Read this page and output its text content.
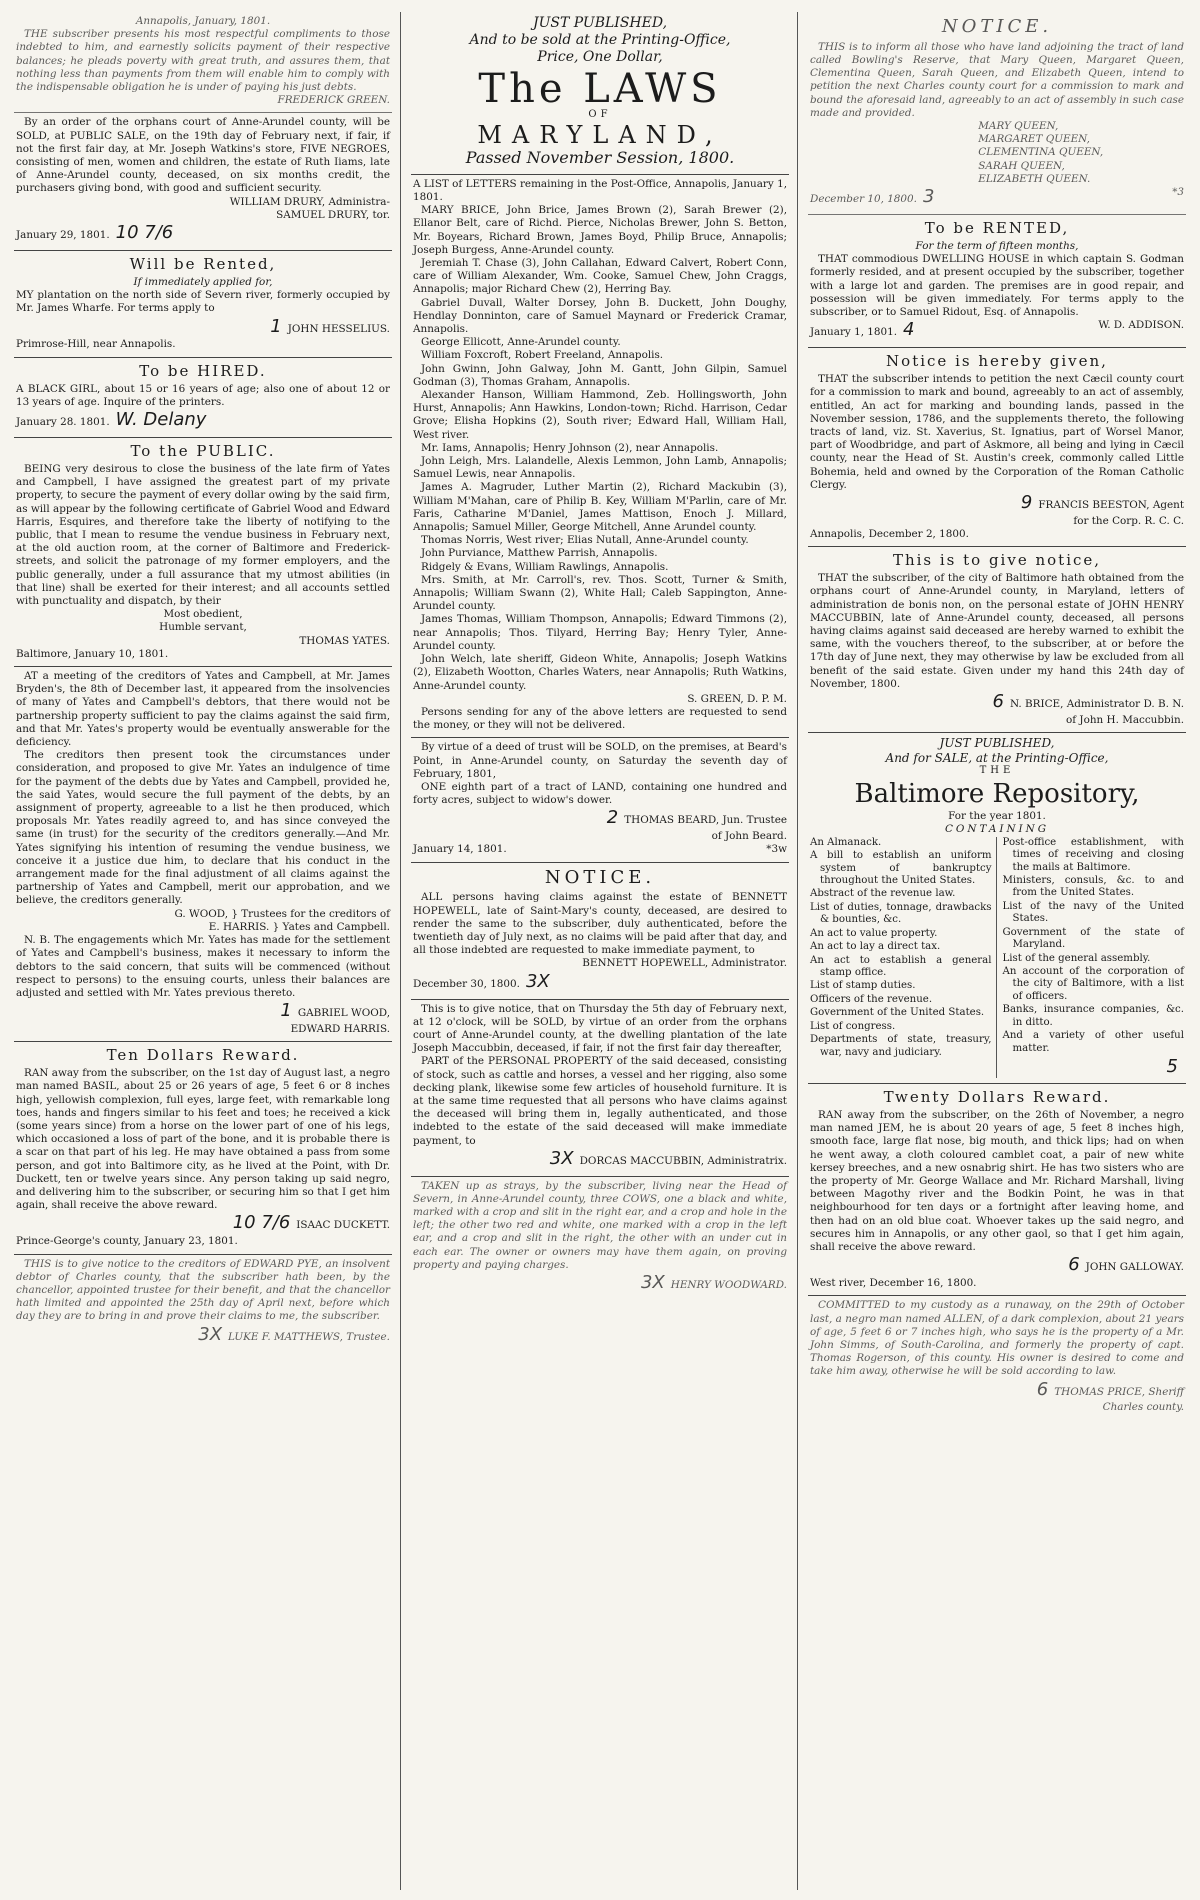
Annapolis, January, 1801.

THE subscriber presents his most respectful compliments to those indebted to him, and earnestly solicits payment of their respective balances; he pleads poverty with great truth, and assures them, that nothing less than payments from them will enable him to comply with the indispensable obligation he is under of paying his just debts.

FREDERICK GREEN.

By an order of the orphans court of Anne-Arundel county, will be SOLD, at PUBLIC SALE, on the 19th day of February next, if fair, if not the first fair day, at Mr. Joseph Watkins's store, FIVE NEGROES, consisting of men, women and children, the estate of Ruth Iiams, late of Anne-Arundel county, deceased, on six months credit, the purchasers giving bond, with good and sufficient security.

WILLIAM DRURY, Administra-
SAMUEL DRURY, tor.
January 29, 1801. 10 7/6
Will be Rented,
If immediately applied for,

MY plantation on the north side of Severn river, formerly occupied by Mr. James Wharfe. For terms apply to

1 JOHN HESSELIUS.
Primrose-Hill, near Annapolis.
To be HIRED.

A BLACK GIRL, about 15 or 16 years of age; also one of about 12 or 13 years of age. Inquire of the printers.

January 28. 1801. W. Delany
To the PUBLIC.

BEING very desirous to close the business of the late firm of Yates and Campbell, I have assigned the greatest part of my private property, to secure the payment of every dollar owing by the said firm, as will appear by the following certificate of Gabriel Wood and Edward Harris, Esquires, and therefore take the liberty of notifying to the public, that I mean to resume the vendue business in February next, at the old auction room, at the corner of Baltimore and Frederick-streets, and solicit the patronage of my former employers, and the public generally, under a full assurance that my utmost abilities (in that line) shall be exerted for their interest; and all accounts settled with punctuality and dispatch, by their

Most obedient,
Humble servant,
THOMAS YATES.
Baltimore, January 10, 1801.

AT a meeting of the creditors of Yates and Campbell, at Mr. James Bryden's, the 8th of December last, it appeared from the insolvencies of many of Yates and Campbell's debtors, that there would not be partnership property sufficient to pay the claims against the said firm, and that Mr. Yates's property would be eventually answerable for the deficiency.

The creditors then present took the circumstances under consideration, and proposed to give Mr. Yates an indulgence of time for the payment of the debts due by Yates and Campbell, provided he, the said Yates, would secure the full payment of the debts, by an assignment of property, agreeable to a list he then produced, which proposals Mr. Yates readily agreed to, and has since conveyed the same (in trust) for the security of the creditors generally.—And Mr. Yates signifying his intention of resuming the vendue business, we conceive it a justice due him, to declare that his conduct in the arrangement made for the final adjustment of all claims against the partnership of Yates and Campbell, merit our approbation, and we believe, the creditors generally.

G. WOOD, } Trustees for the creditors of
E. HARRIS. } Yates and Campbell.

N. B. The engagements which Mr. Yates has made for the settlement of Yates and Campbell's business, makes it necessary to inform the debtors to the said concern, that suits will be commenced (without respect to persons) to the ensuing courts, unless their balances are adjusted and settled with Mr. Yates previous thereto.

1 GABRIEL WOOD,
EDWARD HARRIS.
Ten Dollars Reward.

RAN away from the subscriber, on the 1st day of August last, a negro man named BASIL, about 25 or 26 years of age, 5 feet 6 or 8 inches high, yellowish complexion, full eyes, large feet, with remarkable long toes, hands and fingers similar to his feet and toes; he received a kick (some years since) from a horse on the lower part of one of his legs, which occasioned a loss of part of the bone, and it is probable there is a scar on that part of his leg. He may have obtained a pass from some person, and got into Baltimore city, as he lived at the Point, with Dr. Duckett, ten or twelve years since. Any person taking up said negro, and delivering him to the subscriber, or securing him so that I get him again, shall receive the above reward.

10 7/6 ISAAC DUCKETT.
Prince-George's county, January 23, 1801.

THIS is to give notice to the creditors of EDWARD PYE, an insolvent debtor of Charles county, that the subscriber hath been, by the chancellor, appointed trustee for their benefit, and that the chancellor hath limited and appointed the 25th day of April next, before which day they are to bring in and prove their claims to me, the subscriber.

3X LUKE F. MATTHEWS, Trustee.
JUST PUBLISHED,
And to be sold at the Printing-Office,
Price, One Dollar,
The LAWS
OF
MARYLAND,
Passed November Session, 1800.

A LIST of LETTERS remaining in the Post-Office, Annapolis, January 1, 1801.

MARY BRICE, John Brice, James Brown (2), Sarah Brewer (2), Ellanor Belt, care of Richd. Pierce, Nicholas Brewer, John S. Betton, Mr. Boyears, Richard Brown, James Boyd, Philip Bruce, Annapolis; Joseph Burgess, Anne-Arundel county.

Jeremiah T. Chase (3), John Callahan, Edward Calvert, Robert Conn, care of William Alexander, Wm. Cooke, Samuel Chew, John Craggs, Annapolis; major Richard Chew (2), Herring Bay.

Gabriel Duvall, Walter Dorsey, John B. Duckett, John Doughy, Hendlay Donninton, care of Samuel Maynard or Frederick Cramar, Annapolis.

George Ellicott, Anne-Arundel county.

William Foxcroft, Robert Freeland, Annapolis.

John Gwinn, John Galway, John M. Gantt, John Gilpin, Samuel Godman (3), Thomas Graham, Annapolis.

Alexander Hanson, William Hammond, Zeb. Hollingsworth, John Hurst, Annapolis; Ann Hawkins, London-town; Richd. Harrison, Cedar Grove; Elisha Hopkins (2), South river; Edward Hall, William Hall, West river.

Mr. Iams, Annapolis; Henry Johnson (2), near Annapolis.

John Leigh, Mrs. Lalandelle, Alexis Lemmon, John Lamb, Annapolis; Samuel Lewis, near Annapolis.

James A. Magruder, Luther Martin (2), Richard Mackubin (3), William M'Mahan, care of Philip B. Key, William M'Parlin, care of Mr. Faris, Catharine M'Daniel, James Mattison, Enoch J. Millard, Annapolis; Samuel Miller, George Mitchell, Anne Arundel county.

Thomas Norris, West river; Elias Nutall, Anne-Arundel county.

John Purviance, Matthew Parrish, Annapolis.

Ridgely & Evans, William Rawlings, Annapolis.

Mrs. Smith, at Mr. Carroll's, rev. Thos. Scott, Turner & Smith, Annapolis; William Swann (2), White Hall; Caleb Sappington, Anne-Arundel county.

James Thomas, William Thompson, Annapolis; Edward Timmons (2), near Annapolis; Thos. Tilyard, Herring Bay; Henry Tyler, Anne-Arundel county.

John Welch, late sheriff, Gideon White, Annapolis; Joseph Watkins (2), Elizabeth Wootton, Charles Waters, near Annapolis; Ruth Watkins, Anne-Arundel county.

S. GREEN, D. P. M.

Persons sending for any of the above letters are requested to send the money, or they will not be delivered.

By virtue of a deed of trust will be SOLD, on the premises, at Beard's Point, in Anne-Arundel county, on Saturday the seventh day of February, 1801,

ONE eighth part of a tract of LAND, containing one hundred and forty acres, subject to widow's dower.

2 THOMAS BEARD, Jun. Trustee
of John Beard.
January 14, 1801.	*3w
NOTICE.

ALL persons having claims against the estate of BENNETT HOPEWELL, late of Saint-Mary's county, deceased, are desired to render the same to the subscriber, duly authenticated, before the twentieth day of July next, as no claims will be paid after that day, and all those indebted are requested to make immediate payment, to

BENNETT HOPEWELL, Administrator.
December 30, 1800. 3X

This is to give notice, that on Thursday the 5th day of February next, at 12 o'clock, will be SOLD, by virtue of an order from the orphans court of Anne-Arundel county, at the dwelling plantation of the late Joseph Maccubbin, deceased, if fair, if not the first fair day thereafter,

PART of the PERSONAL PROPERTY of the said deceased, consisting of stock, such as cattle and horses, a vessel and her rigging, also some decking plank, likewise some few articles of household furniture. It is at the same time requested that all persons who have claims against the deceased will bring them in, legally authenticated, and those indebted to the estate of the said deceased will make immediate payment, to

3X DORCAS MACCUBBIN, Administratrix.

TAKEN up as strays, by the subscriber, living near the Head of Severn, in Anne-Arundel county, three COWS, one a black and white, marked with a crop and slit in the right ear, and a crop and hole in the left; the other two red and white, one marked with a crop in the left ear, and a crop and slit in the right, the other with an under cut in each ear. The owner or owners may have them again, on proving property and paying charges.

3X HENRY WOODWARD.
NOTICE.

THIS is to inform all those who have land adjoining the tract of land called Bowling's Reserve, that Mary Queen, Margaret Queen, Clementina Queen, Sarah Queen, and Elizabeth Queen, intend to petition the next Charles county court for a commission to mark and bound the aforesaid land, agreeably to an act of assembly in such case made and provided.

MARY QUEEN,
MARGARET QUEEN,
CLEMENTINA QUEEN,
SARAH QUEEN,
ELIZABETH QUEEN.
December 10, 1800. 3	*3
To be RENTED,
For the term of fifteen months,

THAT commodious DWELLING HOUSE in which captain S. Godman formerly resided, and at present occupied by the subscriber, together with a large lot and garden. The premises are in good repair, and possession will be given immediately. For terms apply to the subscriber, or to Samuel Ridout, Esq. of Annapolis.

January 1, 1801. 4	W. D. ADDISON.
Notice is hereby given,

THAT the subscriber intends to petition the next Cæcil county court for a commission to mark and bound, agreeably to an act of assembly, entitled, An act for marking and bounding lands, passed in the November session, 1786, and the supplements thereto, the following tracts of land, viz. St. Xaverius, St. Ignatius, part of Worsel Manor, part of Woodbridge, and part of Askmore, all being and lying in Cæcil county, near the Head of St. Austin's creek, commonly called Little Bohemia, held and owned by the Corporation of the Roman Catholic Clergy.

9 FRANCIS BEESTON, Agent
for the Corp. R. C. C.
Annapolis, December 2, 1800.
This is to give notice,

THAT the subscriber, of the city of Baltimore hath obtained from the orphans court of Anne-Arundel county, in Maryland, letters of administration de bonis non, on the personal estate of JOHN HENRY MACCUBBIN, late of Anne-Arundel county, deceased, all persons having claims against said deceased are hereby warned to exhibit the same, with the vouchers thereof, to the subscriber, at or before the 17th day of June next, they may otherwise by law be excluded from all benefit of the said estate. Given under my hand this 24th day of November, 1800.

6 N. BRICE, Administrator D. B. N.
of John H. Maccubbin.
JUST PUBLISHED,
And for SALE, at the Printing-Office,
THE
Baltimore Repository,
For the year 1801.
CONTAINING
An Almanack.
A bill to establish an uniform system of bankruptcy throughout the United States.
Abstract of the revenue law.
List of duties, tonnage, drawbacks & bounties, &c.
An act to value property.
An act to lay a direct tax.
An act to establish a general stamp office.
List of stamp duties.
Officers of the revenue.
Government of the United States.
List of congress.
Departments of state, treasury, war, navy and judiciary.
Post-office establishment, with times of receiving and closing the mails at Baltimore.
Ministers, consuls, &c. to and from the United States.
List of the navy of the United States.
Government of the state of Maryland.
List of the general assembly.
An account of the corporation of the city of Baltimore, with a list of officers.
Banks, insurance companies, &c. in ditto.
And a variety of other useful matter.
5
Twenty Dollars Reward.

RAN away from the subscriber, on the 26th of November, a negro man named JEM, he is about 20 years of age, 5 feet 8 inches high, smooth face, large flat nose, big mouth, and thick lips; had on when he went away, a cloth coloured camblet coat, a pair of new white kersey breeches, and a new osnabrig shirt. He has two sisters who are the property of Mr. George Wallace and Mr. Richard Marshall, living between Magothy river and the Bodkin Point, he was in that neighbourhood for ten days or a fortnight after leaving home, and then had on an old blue coat. Whoever takes up the said negro, and secures him in Annapolis, or any other gaol, so that I get him again, shall receive the above reward.

6 JOHN GALLOWAY.
West river, December 16, 1800.

COMMITTED to my custody as a runaway, on the 29th of October last, a negro man named ALLEN, of a dark complexion, about 21 years of age, 5 feet 6 or 7 inches high, who says he is the property of a Mr. John Simms, of South-Carolina, and formerly the property of capt. Thomas Rogerson, of this county. His owner is desired to come and take him away, otherwise he will be sold according to law.

6 THOMAS PRICE, Sheriff
Charles county.
